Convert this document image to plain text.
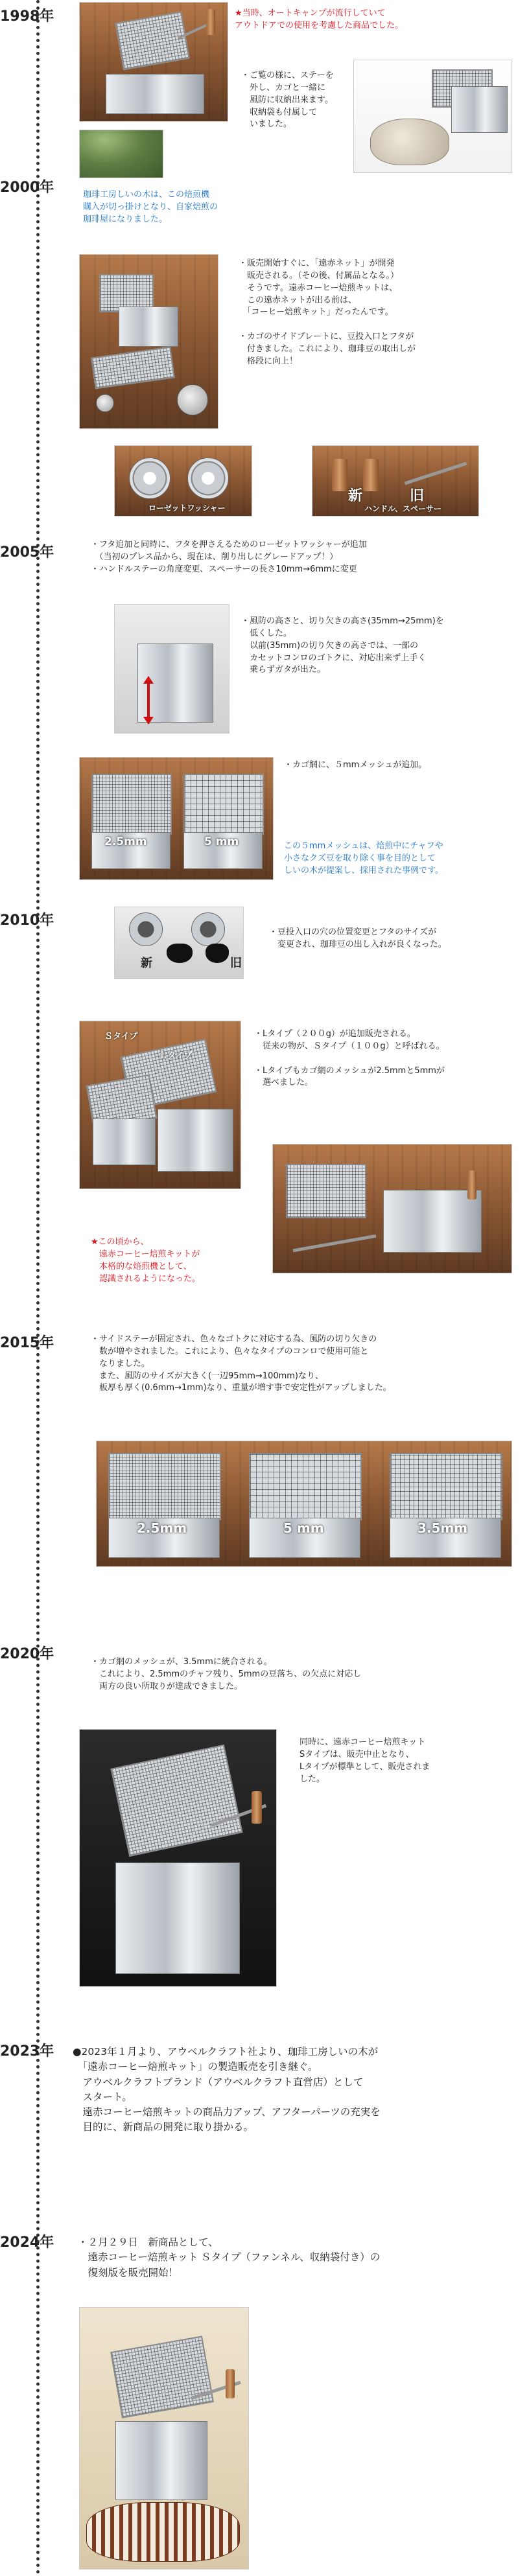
1998年
2000年
2005年
2010年
2015年
2020年
2023年
2024年
★当時、オートキャンプが流行していて
アウトドアでの使用を考慮した商品でした。
・ご覧の様に、ステーを
　外し、カゴと一緒に
　風防に収納出来ます。
　収納袋も付属して
　いました。
珈琲工房しいの木は、この焙煎機
購入が切っ掛けとなり、自家焙煎の
珈琲屋になりました。
・販売開始すぐに、「遠赤ネット」が開発
　販売される。（その後、付属品となる。）
　そうです。遠赤コーヒー焙煎キットは、
　この遠赤ネットが出る前は、
　「コーヒー焙煎キット」だったんです。

・カゴのサイドプレートに、豆投入口とフタが
　付きました。これにより、珈琲豆の取出しが
　格段に向上！
ローゼットワッシャー
新	旧
ハンドル、スペーサー
・フタ追加と同時に、フタを押さえるためのローゼットワッシャーが追加
　（当初のプレス品から、現在は、削り出しにグレードアップ！）
・ハンドルステーの角度変更、スペーサーの長さ10mm→6mmに変更
・風防の高さと、切り欠きの高さ(35mm→25mm)を
　低くした。
　以前(35mm)の切り欠きの高さでは、一部の
　カセットコンロのゴトクに、対応出来ず上手く
　乗らずガタが出た。
2.5mm	5 mm
・カゴ網に、５mmメッシュが追加。
この５mmメッシュは、焙煎中にチャフや
小さなクズ豆を取り除く事を目的として
しいの木が提案し、採用された事例です。
新	旧
・豆投入口の穴の位置変更とフタのサイズが
　変更され、珈琲豆の出し入れが良くなった。
Ｓタイプ
Ｌタイプ
・Lタイプ（２００g）が追加販売される。
　従来の物が、Ｓタイプ（１００g）と呼ばれる。

・Lタイプもカゴ網のメッシュが2.5mmと5mmが
　選べました。
★この頃から、
　遠赤コーヒー焙煎キットが
　本格的な焙煎機として、
　認識されるようになった。
・サイドステーが固定され、色々なゴトクに対応する為、風防の切り欠きの
　数が増やされました。これにより、色々なタイプのコンロで使用可能と
　なりました。
　また、風防のサイズが大きく(一辺95mm→100mm)なり、
　板厚も厚く(0.6mm→1mm)なり、重量が増す事で安定性がアップしました。
2.5mm	5 mm	3.5mm
・カゴ網のメッシュが、3.5mmに統合される。
　これにより、2.5mmのチャフ残り、5mmの豆落ち、の欠点に対応し
　両方の良い所取りが達成できました。
同時に、遠赤コーヒー焙煎キット
Sタイプは、販売中止となり、
Lタイプが標準として、販売されま
した。
●2023年１月より、アウベルクラフト社より、珈琲工房しいの木が
　「遠赤コーヒー焙煎キット」の製造販売を引き継ぐ。
　アウベルクラフトブランド（アウベルクラフト直営店）として
　スタート。
　遠赤コーヒー焙煎キットの商品力アップ、アフターパーツの充実を
　目的に、新商品の開発に取り掛かる。
・２月２９日　新商品として、
　遠赤コーヒー焙煎キット Ｓタイプ（ファンネル、収納袋付き）の
　復刻版を販売開始！
